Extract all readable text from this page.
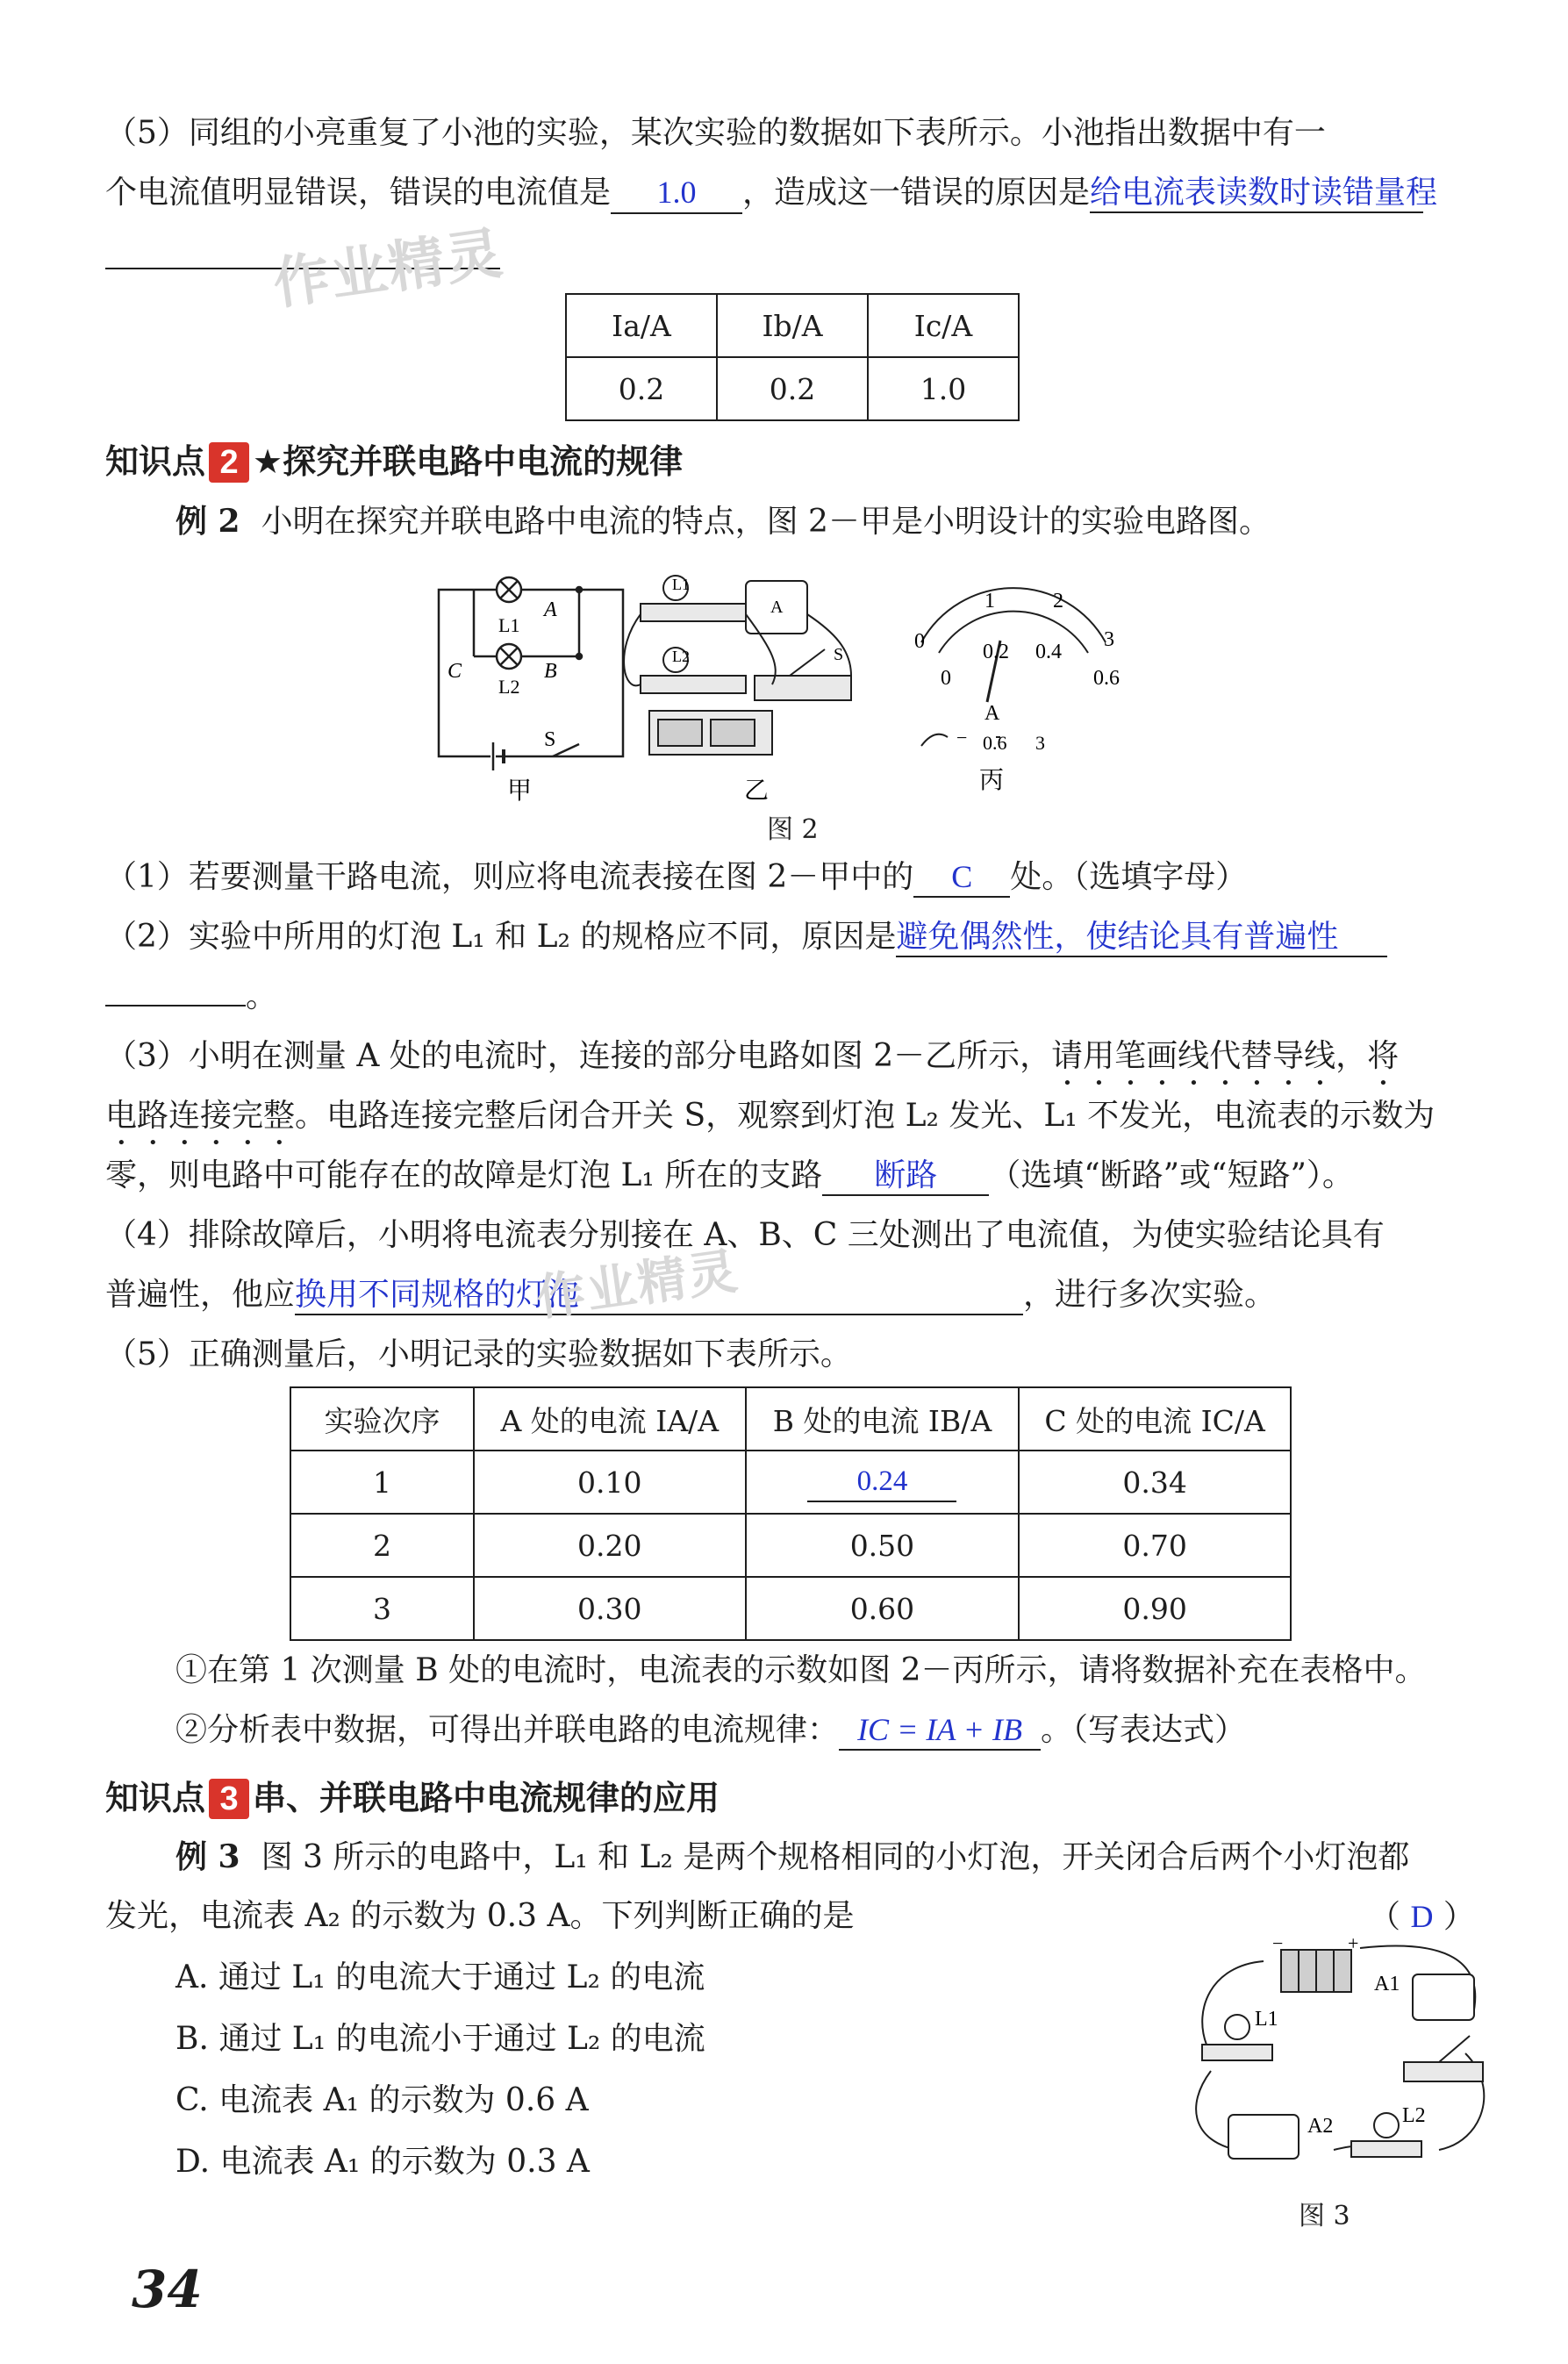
（5）同组的小亮重复了小池的实验，某次实验的数据如下表所示。小池指出数据中有一
个电流值明显错误，错误的电流值是 1.0 ，造成这一错误的原因是给电流表读数时读错量程
作业精灵
Ia/A	Ib/A	Ic/A
0.2	0.2	1.0
知识点 2 ★探究并联电路中电流的规律
例 2 小明在探究并联电路中电流的特点，图 2－甲是小明设计的实验电路图。
L1
L2
A
B
C
S
甲
L1
L2
A
S
乙
0
1	2
3
0
0.2 0.4
0.6
A
− 0.6 3
丙
图 2
（1）若要测量干路电流，则应将电流表接在图 2－甲中的 C 处。（选填字母）
（2）实验中所用的灯泡 L₁ 和 L₂ 的规格应不同，原因是避免偶然性，使结论具有普遍性
。
（3）小明在测量 A 处的电流时，连接的部分电路如图 2－乙所示，请用笔画线代替导线，将
电路连接完整。电路连接完整后闭合开关 S，观察到灯泡 L₂ 发光、L₁ 不发光，电流表的示数为
零，则电路中可能存在的故障是灯泡 L₁ 所在的支路 断路 （选填“断路”或“短路”）。
（4）排除故障后，小明将电流表分别接在 A、B、C 三处测出了电流值，为使实验结论具有
普遍性，他应换用不同规格的灯泡	，进行多次实验。
作业精灵
（5）正确测量后，小明记录的实验数据如下表所示。
实验次序	A 处的电流 IA/A	B 处的电流 IB/A	C 处的电流 IC/A
1	0.10	0.24	0.34
2	0.20	0.50	0.70
3	0.30	0.60	0.90
①在第 1 次测量 B 处的电流时，电流表的示数如图 2－丙所示，请将数据补充在表格中。
②分析表中数据，可得出并联电路的电流规律： IC = IA + IB 。（写表达式）
知识点 3 串、并联电路中电流规律的应用
例 3 图 3 所示的电路中，L₁ 和 L₂ 是两个规格相同的小灯泡，开关闭合后两个小灯泡都
发光，电流表 A₂ 的示数为 0.3 A。下列判断正确的是	（ D ）
A. 通过 L₁ 的电流大于通过 L₂ 的电流
B. 通过 L₁ 的电流小于通过 L₂ 的电流
C. 电流表 A₁ 的示数为 0.6 A
D. 电流表 A₁ 的示数为 0.3 A
−	+
A1
L1
A2	L2
图 3
34
